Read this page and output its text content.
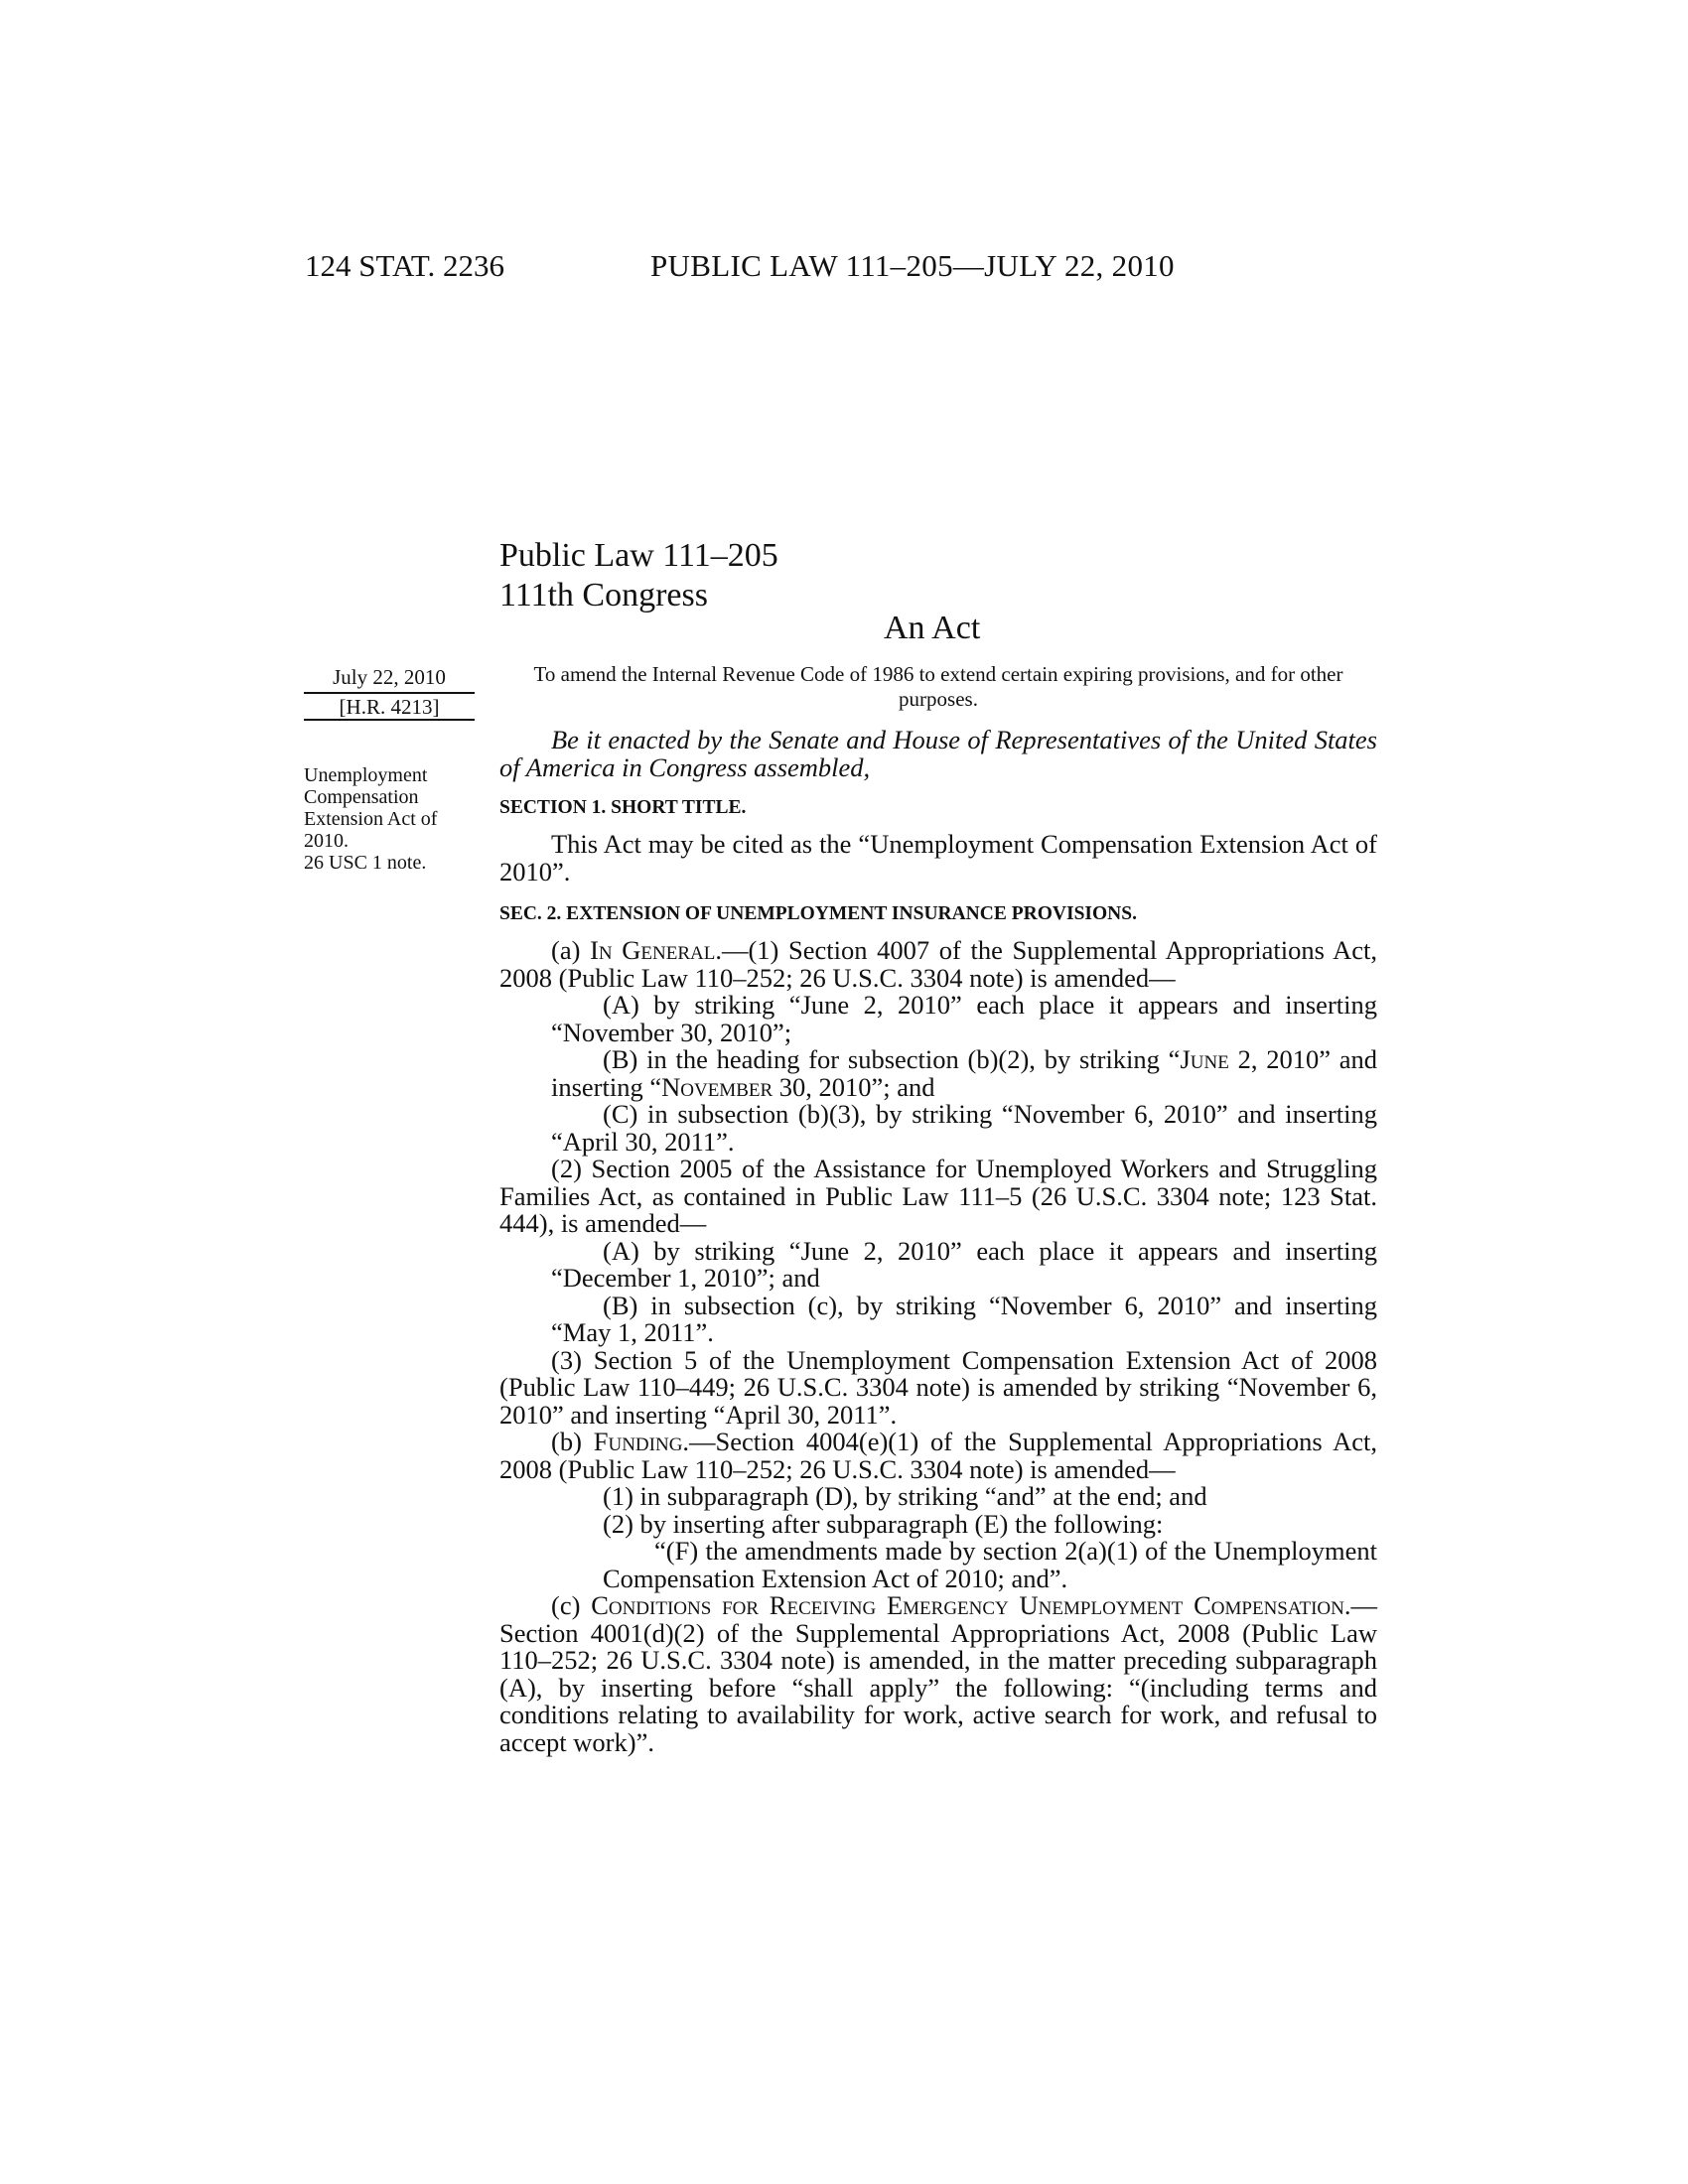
124 STAT. 2236	PUBLIC LAW 111–205—JULY 22, 2010
Public Law 111–205
111th Congress
An Act
July 22, 2010
[H.R. 4213]
Unemployment Compensation Extension Act of 2010.
26 USC 1 note.
To amend the Internal Revenue Code of 1986 to extend certain expiring provisions, and for other purposes.

Be it enacted by the Senate and House of Representatives of the United States of America in Congress assembled,

SECTION 1. SHORT TITLE.

This Act may be cited as the “Unemployment Compensation Extension Act of 2010”.

SEC. 2. EXTENSION OF UNEMPLOYMENT INSURANCE PROVISIONS.

(a) In General.—(1) Section 4007 of the Supplemental Appropriations Act, 2008 (Public Law 110–252; 26 U.S.C. 3304 note) is amended—

(A) by striking “June 2, 2010” each place it appears and inserting “November 30, 2010”;

(B) in the heading for subsection (b)(2), by striking “June 2, 2010” and inserting “November 30, 2010”; and

(C) in subsection (b)(3), by striking “November 6, 2010” and inserting “April 30, 2011”.

(2) Section 2005 of the Assistance for Unemployed Workers and Struggling Families Act, as contained in Public Law 111–5 (26 U.S.C. 3304 note; 123 Stat. 444), is amended—

(A) by striking “June 2, 2010” each place it appears and inserting “December 1, 2010”; and

(B) in subsection (c), by striking “November 6, 2010” and inserting “May 1, 2011”.

(3) Section 5 of the Unemployment Compensation Extension Act of 2008 (Public Law 110–449; 26 U.S.C. 3304 note) is amended by striking “November 6, 2010” and inserting “April 30, 2011”.

(b) Funding.—Section 4004(e)(1) of the Supplemental Appropriations Act, 2008 (Public Law 110–252; 26 U.S.C. 3304 note) is amended—

(1) in subparagraph (D), by striking “and” at the end; and

(2) by inserting after subparagraph (E) the following:

“(F) the amendments made by section 2(a)(1) of the Unemployment Compensation Extension Act of 2010; and”.

(c) Conditions for Receiving Emergency Unemployment Compensation.—Section 4001(d)(2) of the Supplemental Appropriations Act, 2008 (Public Law 110–252; 26 U.S.C. 3304 note) is amended, in the matter preceding subparagraph (A), by inserting before “shall apply” the following: “(including terms and conditions relating to availability for work, active search for work, and refusal to accept work)”.
